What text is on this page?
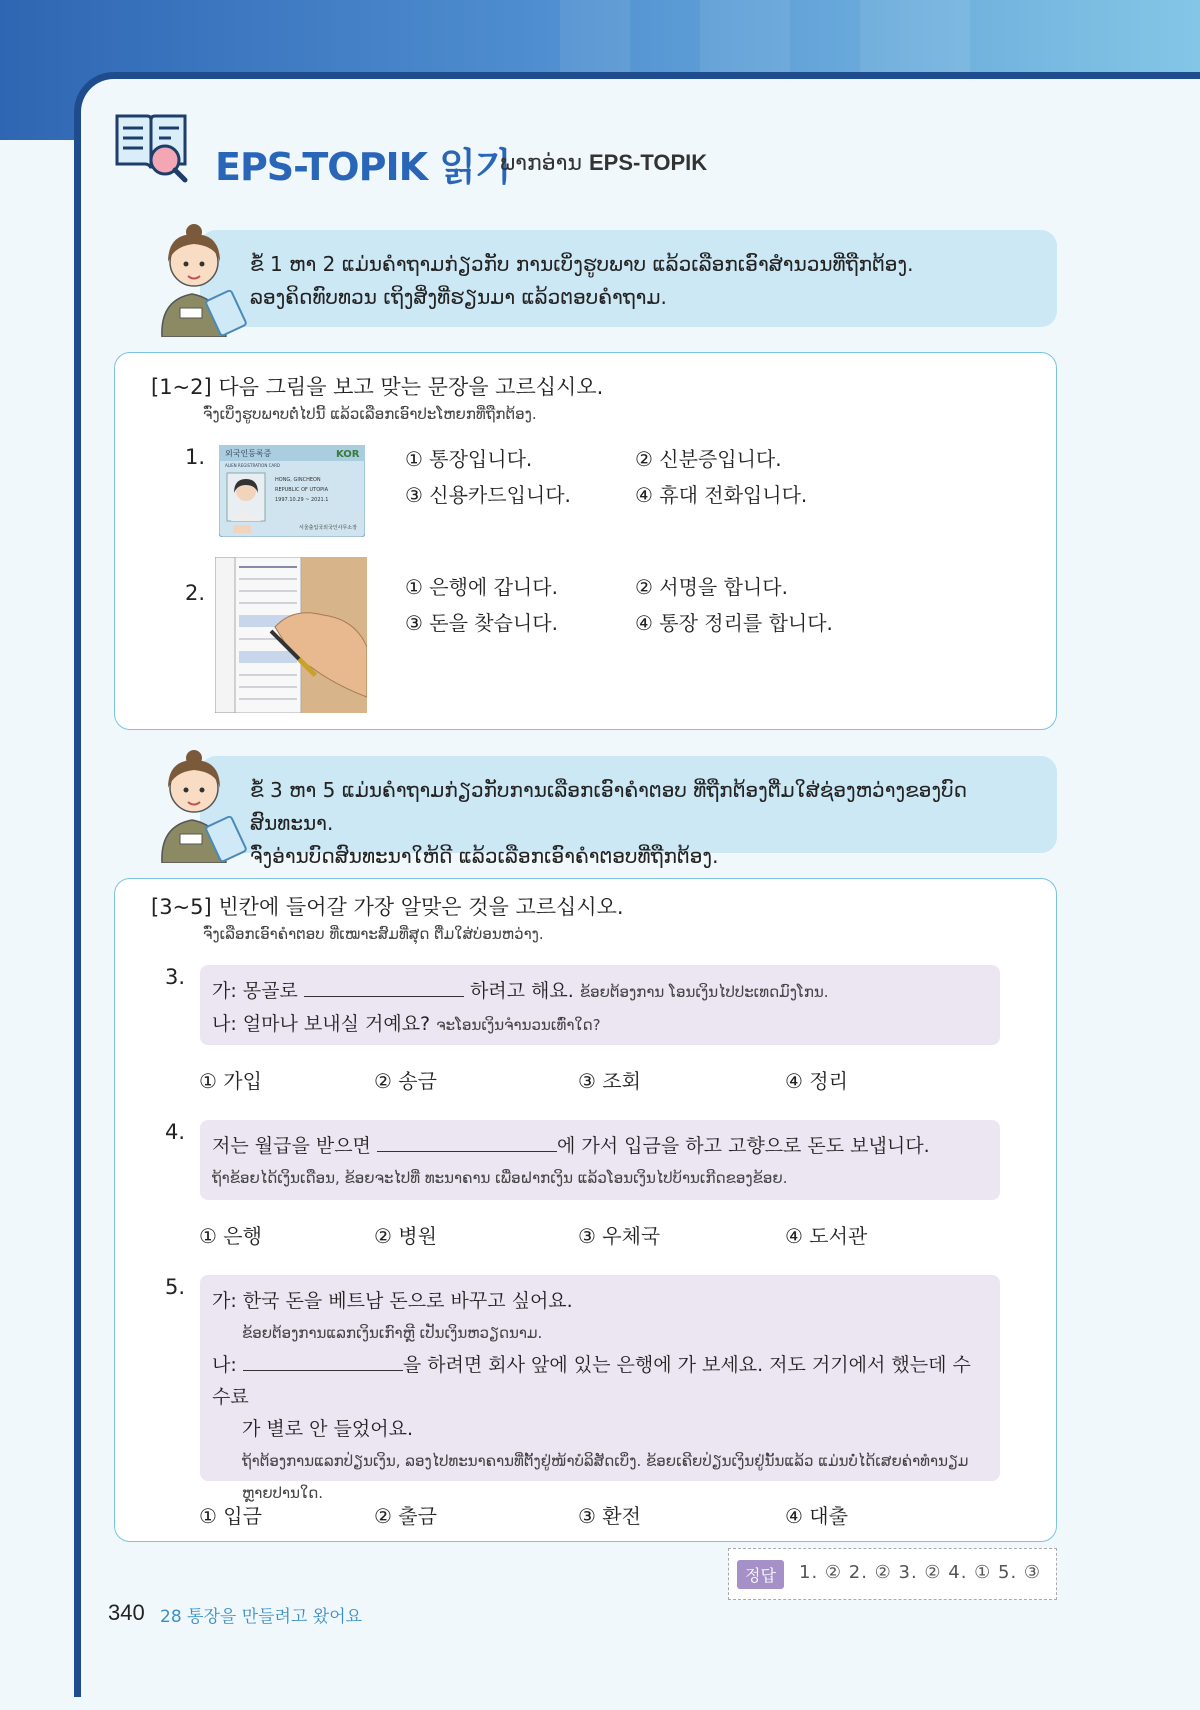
EPS-TOPIK 읽기
ພາກອ່ານ EPS-TOPIK
ຂໍ້ 1 ຫາ 2 ແມ່ນຄຳຖາມກ່ຽວກັບ ການເບິ່ງຮູບພາບ ແລ້ວເລືອກເອົາສຳນວນທີ່ຖືກຕ້ອງ.
ລອງຄິດທົບທວນ ເຖິງສິ່ງທີ່ຮຽນມາ ແລ້ວຕອບຄຳຖາມ.
[1~2] 다음 그림을 보고 맞는 문장을 고르십시오.
ຈົ່ງເບິ່ງຮູບພາບຕໍ່ໄປນີ້ ແລ້ວເລືອກເອົາປະໂຫຍກທີ່ຖືກຕ້ອງ.
1. 외국인등록증
ALIEN REGISTRATION CARD
KOR
HONG, GINCHEON
REPUBLIC OF UTOPIA
1997.10.29 ~ 2021.1
서울출입국외국인사무소장
① 통장입니다.	② 신분증입니다.
③ 신용카드입니다.	④ 휴대 전화입니다.
2.	① 은행에 갑니다.	② 서명을 합니다.
③ 돈을 찾습니다.	④ 통장 정리를 합니다.
ຂໍ້ 3 ຫາ 5 ແມ່ນຄຳຖາມກ່ຽວກັບການເລືອກເອົາຄຳຕອບ ທີ່ຖືກຕ້ອງຕື່ມໃສ່ຊ່ອງຫວ່າງຂອງບົດສົນທະນາ.
ຈົ່ງອ່ານບົດສົນທະນາໃຫ້ດີ ແລ້ວເລືອກເອົາຄຳຕອບທີ່ຖືກຕ້ອງ.
[3~5] 빈칸에 들어갈 가장 알맞은 것을 고르십시오.
ຈົ່ງເລືອກເອົາຄຳຕອບ ທີ່ເໝາະສົມທີ່ສຸດ ຕື່ມໃສ່ບ່ອນຫວ່າງ.
3.
가: 몽골로	하려고 해요. ຂ້ອຍຕ້ອງການ ໂອນເງິນໄປປະເທດມົງໂກນ.
나: 얼마나 보내실 거예요? ຈະໂອນເງິນຈຳນວນເທົ່າໃດ?
① 가입	② 송금	③ 조회	④ 정리
4.
저는 월급을 받으면	에 가서 입금을 하고 고향으로 돈도 보냅니다.
ຖ້າຂ້ອຍໄດ້ເງິນເດືອນ, ຂ້ອຍຈະໄປທີ່ ທະນາຄານ ເພື່ອຝາກເງິນ ແລ້ວໂອນເງິນໄປບ້ານເກີດຂອງຂ້ອຍ.
① 은행	② 병원	③ 우체국	④ 도서관
5.
가: 한국 돈을 베트남 돈으로 바꾸고 싶어요.
ຂ້ອຍຕ້ອງການແລກເງິນເກົາຫຼີ ເປັນເງິນຫວຽດນາມ.
나:	을 하려면 회사 앞에 있는 은행에 가 보세요. 저도 거기에서 했는데 수수료
가 별로 안 들었어요.
ຖ້າຕ້ອງການແລກປ່ຽນເງິນ, ລອງໄປທະນາຄານທີ່ຕັ້ງຢູ່ໜ້າບໍລິສັດເບິ່ງ. ຂ້ອຍເຄີຍປ່ຽນເງິນຢູ່ນັ້ນແລ້ວ ແມ່ນບໍ່ໄດ້ເສຍຄ່າທຳນຽມ
ຫຼາຍປານໃດ.
① 입금	② 출금	③ 환전	④ 대출
정답	1. ② 2. ② 3. ② 4. ① 5. ③
340 28 통장을 만들려고 왔어요
